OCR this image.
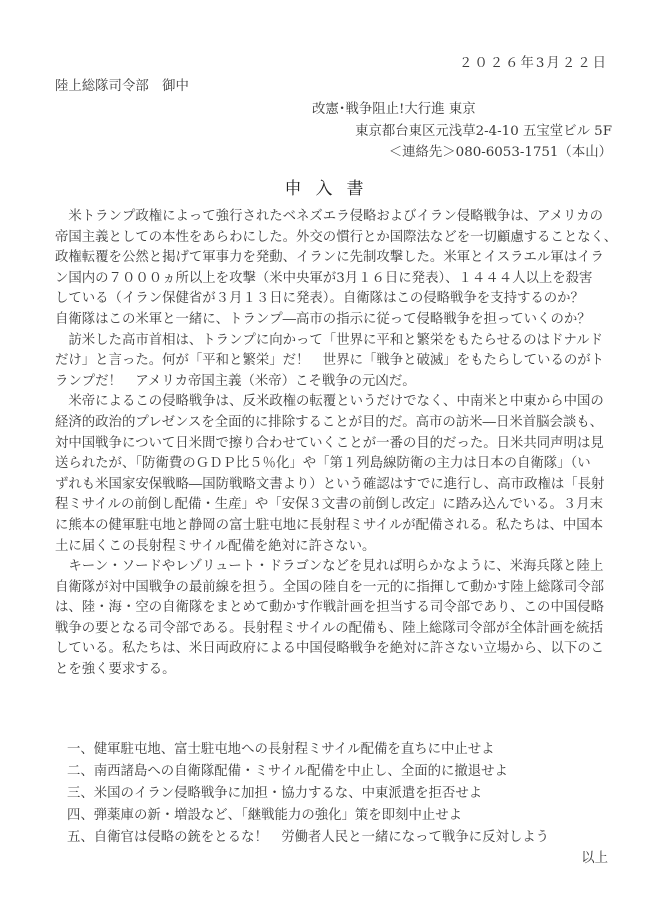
２０２６年3月２２日
陸上総隊司令部　御中
改憲･戦争阻止!大行進 東京
東京都台東区元浅草2-4-10 五宝堂ビル 5F
＜連絡先＞080-6053-1751（本山）
申入書
米トランプ政権によって強行されたベネズエラ侵略およびイラン侵略戦争は、アメリカの
帝国主義としての本性をあらわにした。外交の慣行とか国際法などを一切顧慮することなく、
政権転覆を公然と掲げて軍事力を発動、イランに先制攻撃した。米軍とイスラエル軍はイラ
ン国内の７０００ヵ所以上を攻撃（米中央軍が3月１６日に発表）、１４４４人以上を殺害
している（イラン保健省が３月１３日に発表）。自衛隊はこの侵略戦争を支持するのか？
自衛隊はこの米軍と一緒に、トランプ―高市の指示に従って侵略戦争を担っていくのか？
訪米した高市首相は、トランプに向かって「世界に平和と繁栄をもたらせるのはドナルド
だけ」と言った。何が「平和と繁栄」だ！　世界に「戦争と破滅」をもたらしているのがト
ランプだ！　アメリカ帝国主義（米帝）こそ戦争の元凶だ。
米帝によるこの侵略戦争は、反米政権の転覆というだけでなく、中南米と中東から中国の
経済的政治的プレゼンスを全面的に排除することが目的だ。高市の訪米―日米首脳会談も、
対中国戦争について日米間で擦り合わせていくことが一番の目的だった。日米共同声明は見
送られたが、「防衛費のＧＤＰ比５％化」や「第１列島線防衛の主力は日本の自衛隊」（い
ずれも米国家安保戦略―国防戦略文書より）という確認はすでに進行し、高市政権は「長射
程ミサイルの前倒し配備・生産」や「安保３文書の前倒し改定」に踏み込んでいる。３月末
に熊本の健軍駐屯地と静岡の富士駐屯地に長射程ミサイルが配備される。私たちは、中国本
土に届くこの長射程ミサイル配備を絶対に許さない。
キーン・ソードやレゾリュート・ドラゴンなどを見れば明らかなように、米海兵隊と陸上
自衛隊が対中国戦争の最前線を担う。全国の陸自を一元的に指揮して動かす陸上総隊司令部
は、陸・海・空の自衛隊をまとめて動かす作戦計画を担当する司令部であり、この中国侵略
戦争の要となる司令部である。長射程ミサイルの配備も、陸上総隊司令部が全体計画を統括
している。私たちは、米日両政府による中国侵略戦争を絶対に許さない立場から、以下のこ
とを強く要求する。
一、健軍駐屯地、富士駐屯地への長射程ミサイル配備を直ちに中止せよ
二、南西諸島への自衛隊配備・ミサイル配備を中止し、全面的に撤退せよ
三、米国のイラン侵略戦争に加担・協力するな、中東派遣を拒否せよ
四、弾薬庫の新・増設など、「継戦能力の強化」策を即刻中止せよ
五、自衛官は侵略の銃をとるな！　労働者人民と一緒になって戦争に反対しよう
以上
